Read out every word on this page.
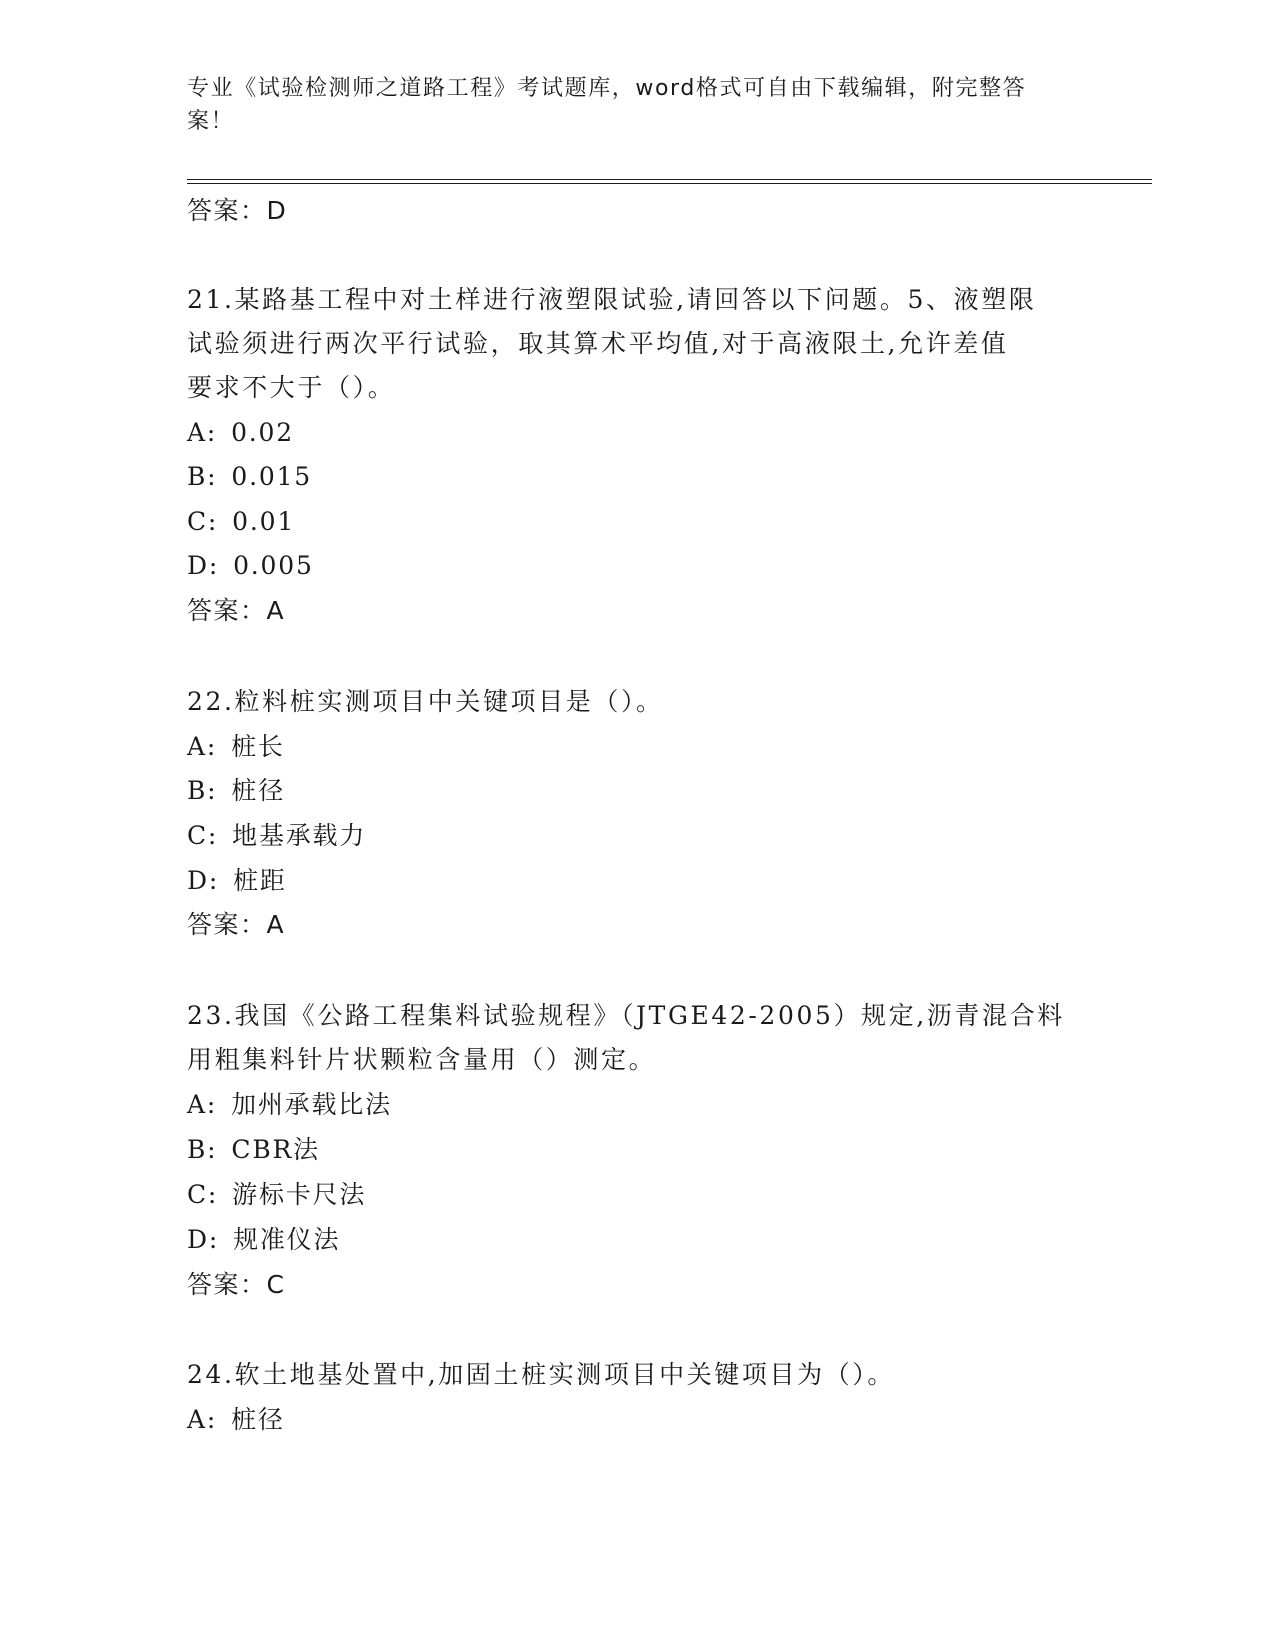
专业《试验检测师之道路工程》考试题库，word格式可自由下载编辑，附完整答案！
答案：D
21.某路基工程中对土样进行液塑限试验,请回答以下问题。5、液塑限
试验须进行两次平行试验，取其算术平均值,对于高液限土,允许差值
要求不大于（）。
A: 0.02
B: 0.015
C: 0.01
D: 0.005
答案：A
22.粒料桩实测项目中关键项目是（）。
A: 桩长
B: 桩径
C: 地基承载力
D: 桩距
答案：A
23.我国《公路工程集料试验规程》（JTGE42-2005）规定,沥青混合料
用粗集料针片状颗粒含量用（）测定。
A: 加州承载比法
B: CBR法
C: 游标卡尺法
D: 规准仪法
答案：C
24.软土地基处置中,加固土桩实测项目中关键项目为（）。
A: 桩径
